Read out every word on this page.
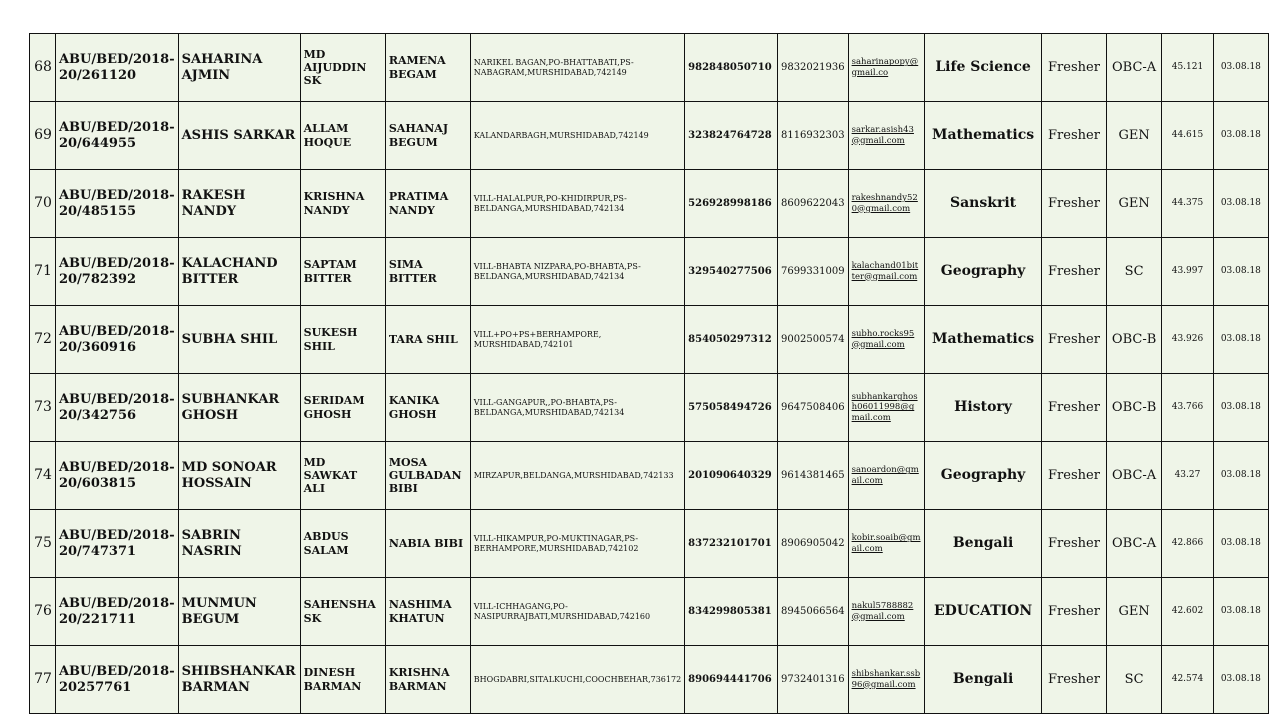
68	ABU/BED/2018-20/261120	SAHARINA AJMIN	MD AIJUDDIN SK	RAMENA BEGAM	NARIKEL BAGAN,PO-BHATTABATI,PS-NABAGRAM,MURSHIDABAD,742149	982848050710	9832021936	saharinapopy@gmail.co	Life Science	Fresher	OBC-A	45.121	03.08.18
69	ABU/BED/2018-20/644955	ASHIS SARKAR	ALLAM HOQUE	SAHANAJ BEGUM	KALANDARBAGH,MURSHIDABAD,742149	323824764728	8116932303	sarkar.asish43@gmail.com	Mathematics	Fresher	GEN	44.615	03.08.18
70	ABU/BED/2018-20/485155	RAKESH NANDY	KRISHNA NANDY	PRATIMA NANDY	VILL-HALALPUR,PO-KHIDIRPUR,PS-BELDANGA,MURSHIDABAD,742134	526928998186	8609622043	rakeshnandy520@gmail.com	Sanskrit	Fresher	GEN	44.375	03.08.18
71	ABU/BED/2018-20/782392	KALACHAND BITTER	SAPTAM BITTER	SIMA BITTER	VILL-BHABTA NIZPARA,PO-BHABTA,PS-BELDANGA,MURSHIDABAD,742134	329540277506	7699331009	kalachand01bitter@gmail.com	Geography	Fresher	SC	43.997	03.08.18
72	ABU/BED/2018-20/360916	SUBHA SHIL	SUKESH SHIL	TARA SHIL	VILL+PO+PS+BERHAMPORE, MURSHIDABAD,742101	854050297312	9002500574	subho.rocks95@gmail.com	Mathematics	Fresher	OBC-B	43.926	03.08.18
73	ABU/BED/2018-20/342756	SUBHANKAR GHOSH	SERIDAM GHOSH	KANIKA GHOSH	VILL-GANGAPUR,,PO-BHABTA,PS-BELDANGA,MURSHIDABAD,742134	575058494726	9647508406	subhankarghosh06011998@gmail.com	History	Fresher	OBC-B	43.766	03.08.18
74	ABU/BED/2018-20/603815	MD SONOAR HOSSAIN	MD SAWKAT ALI	MOSA GULBADAN BIBI	MIRZAPUR,BELDANGA,MURSHIDABAD,742133	201090640329	9614381465	sanoardon@gmail.com	Geography	Fresher	OBC-A	43.27	03.08.18
75	ABU/BED/2018-20/747371	SABRIN NASRIN	ABDUS SALAM	NABIA BIBI	VILL-HIKAMPUR,PO-MUKTINAGAR,PS-BERHAMPORE,MURSHIDABAD,742102	837232101701	8906905042	kobir.soaib@gmail.com	Bengali	Fresher	OBC-A	42.866	03.08.18
76	ABU/BED/2018-20/221711	MUNMUN BEGUM	SAHENSHA SK	NASHIMA KHATUN	VILL-ICHHAGANG,PO-NASIPURRAJBATI,MURSHIDABAD,742160	834299805381	8945066564	nakul5788882@gmail.com	EDUCATION	Fresher	GEN	42.602	03.08.18
77	ABU/BED/2018-20257761	SHIBSHANKAR BARMAN	DINESH BARMAN	KRISHNA BARMAN	BHOGDABRI,SITALKUCHI,COOCHBEHAR,736172	890694441706	9732401316	shibshankar.ssb96@gmail.com	Bengali	Fresher	SC	42.574	03.08.18
